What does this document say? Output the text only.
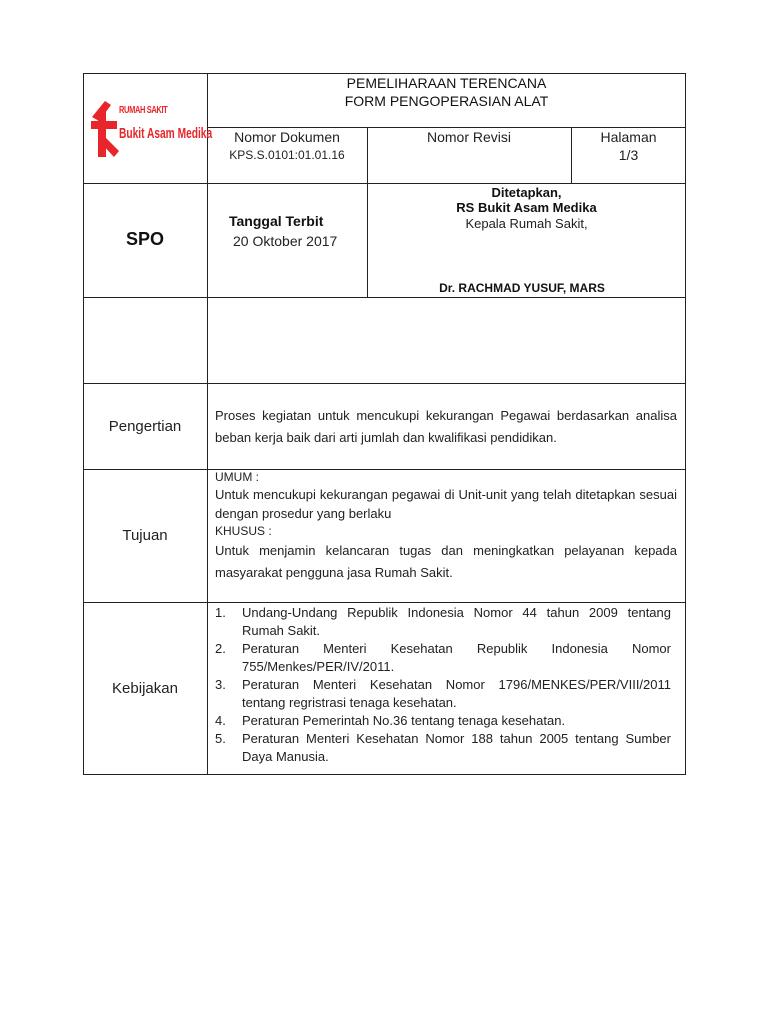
RUMAH SAKIT
Bukit Asam Medika
PEMELIHARAAN TERENCANA
FORM PENGOPERASIAN ALAT
Nomor Dokumen
KPS.S.0101:01.01.16
Nomor Revisi	Halaman
1/3
SPO
Tanggal Terbit
20 Oktober 2017
Ditetapkan,
RS Bukit Asam Medika
Kepala Rumah Sakit,
Dr. RACHMAD YUSUF, MARS
Pengertian
Proses kegiatan untuk mencukupi kekurangan Pegawai berdasarkan analisa beban kerja baik dari arti jumlah dan kwalifikasi pendidikan.
Tujuan
UMUM :
Untuk mencukupi kekurangan pegawai di Unit-unit yang telah ditetapkan sesuai dengan prosedur yang berlaku
KHUSUS :
Untuk menjamin kelancaran tugas dan meningkatkan pelayanan kepada masyarakat pengguna jasa Rumah Sakit.
Kebijakan
1. Undang-Undang Republik Indonesia Nomor 44 tahun 2009 tentang Rumah Sakit.
2. Peraturan Menteri Kesehatan Republik Indonesia Nomor 755/Menkes/PER/IV/2011.
3. Peraturan Menteri Kesehatan Nomor 1796/MENKES/PER/VIII/2011 tentang regristrasi tenaga kesehatan.
4. Peraturan Pemerintah No.36 tentang tenaga kesehatan.
5. Peraturan Menteri Kesehatan Nomor 188 tahun 2005 tentang Sumber Daya Manusia.
